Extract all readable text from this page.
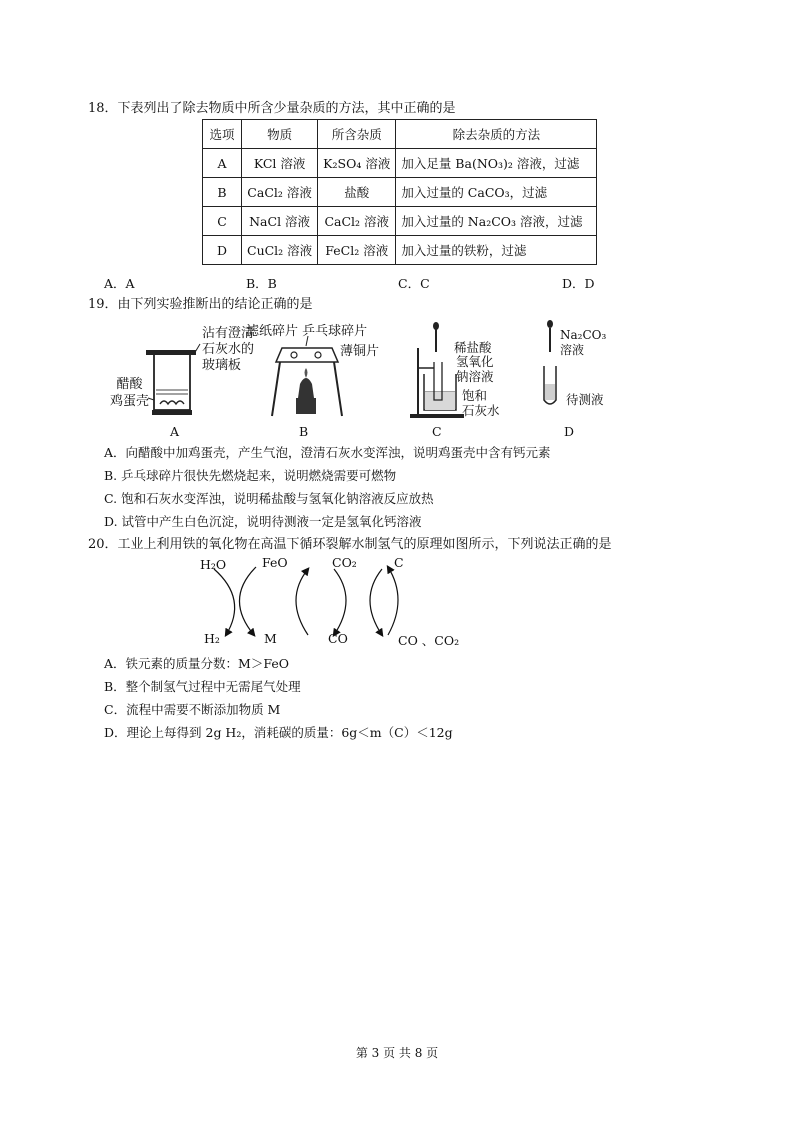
18．下表列出了除去物质中所含少量杂质的方法，其中正确的是
选项	物质	所含杂质	除去杂质的方法
A	KCl 溶液	K₂SO₄ 溶液	加入足量 Ba(NO₃)₂ 溶液，过滤
B	CaCl₂ 溶液	盐酸	加入过量的 CaCO₃，过滤
C	NaCl 溶液	CaCl₂ 溶液	加入过量的 Na₂CO₃ 溶液，过滤
D	CuCl₂ 溶液	FeCl₂ 溶液	加入过量的铁粉，过滤
A．A	B．B	C．C	D．D
19．由下列实验推断出的结论正确的是
沾有澄清
石灰水的
玻璃板
醋酸
鸡蛋壳
A
滤纸碎片 乒乓球碎片
薄铜片
B
稀盐酸
氢氧化
钠溶液
饱和
石灰水
C
Na₂CO₃
溶液
待测液
D
A．向醋酸中加鸡蛋壳，产生气泡，澄清石灰水变浑浊，说明鸡蛋壳中含有钙元素
B. 乒乓球碎片很快先燃烧起来，说明燃烧需要可燃物
C. 饱和石灰水变浑浊，说明稀盐酸与氢氧化钠溶液反应放热
D. 试管中产生白色沉淀，说明待测液一定是氢氧化钙溶液
20．工业上利用铁的氧化物在高温下循环裂解水制氢气的原理如图所示，下列说法正确的是
H₂O	FeO	CO₂	C
H₂	M	CO	CO 、CO₂
A．铁元素的质量分数：M＞FeO
B．整个制氢气过程中无需尾气处理
C．流程中需要不断添加物质 M
D．理论上每得到 2g H₂，消耗碳的质量：6g＜m（C）＜12g
第 3 页 共 8 页
